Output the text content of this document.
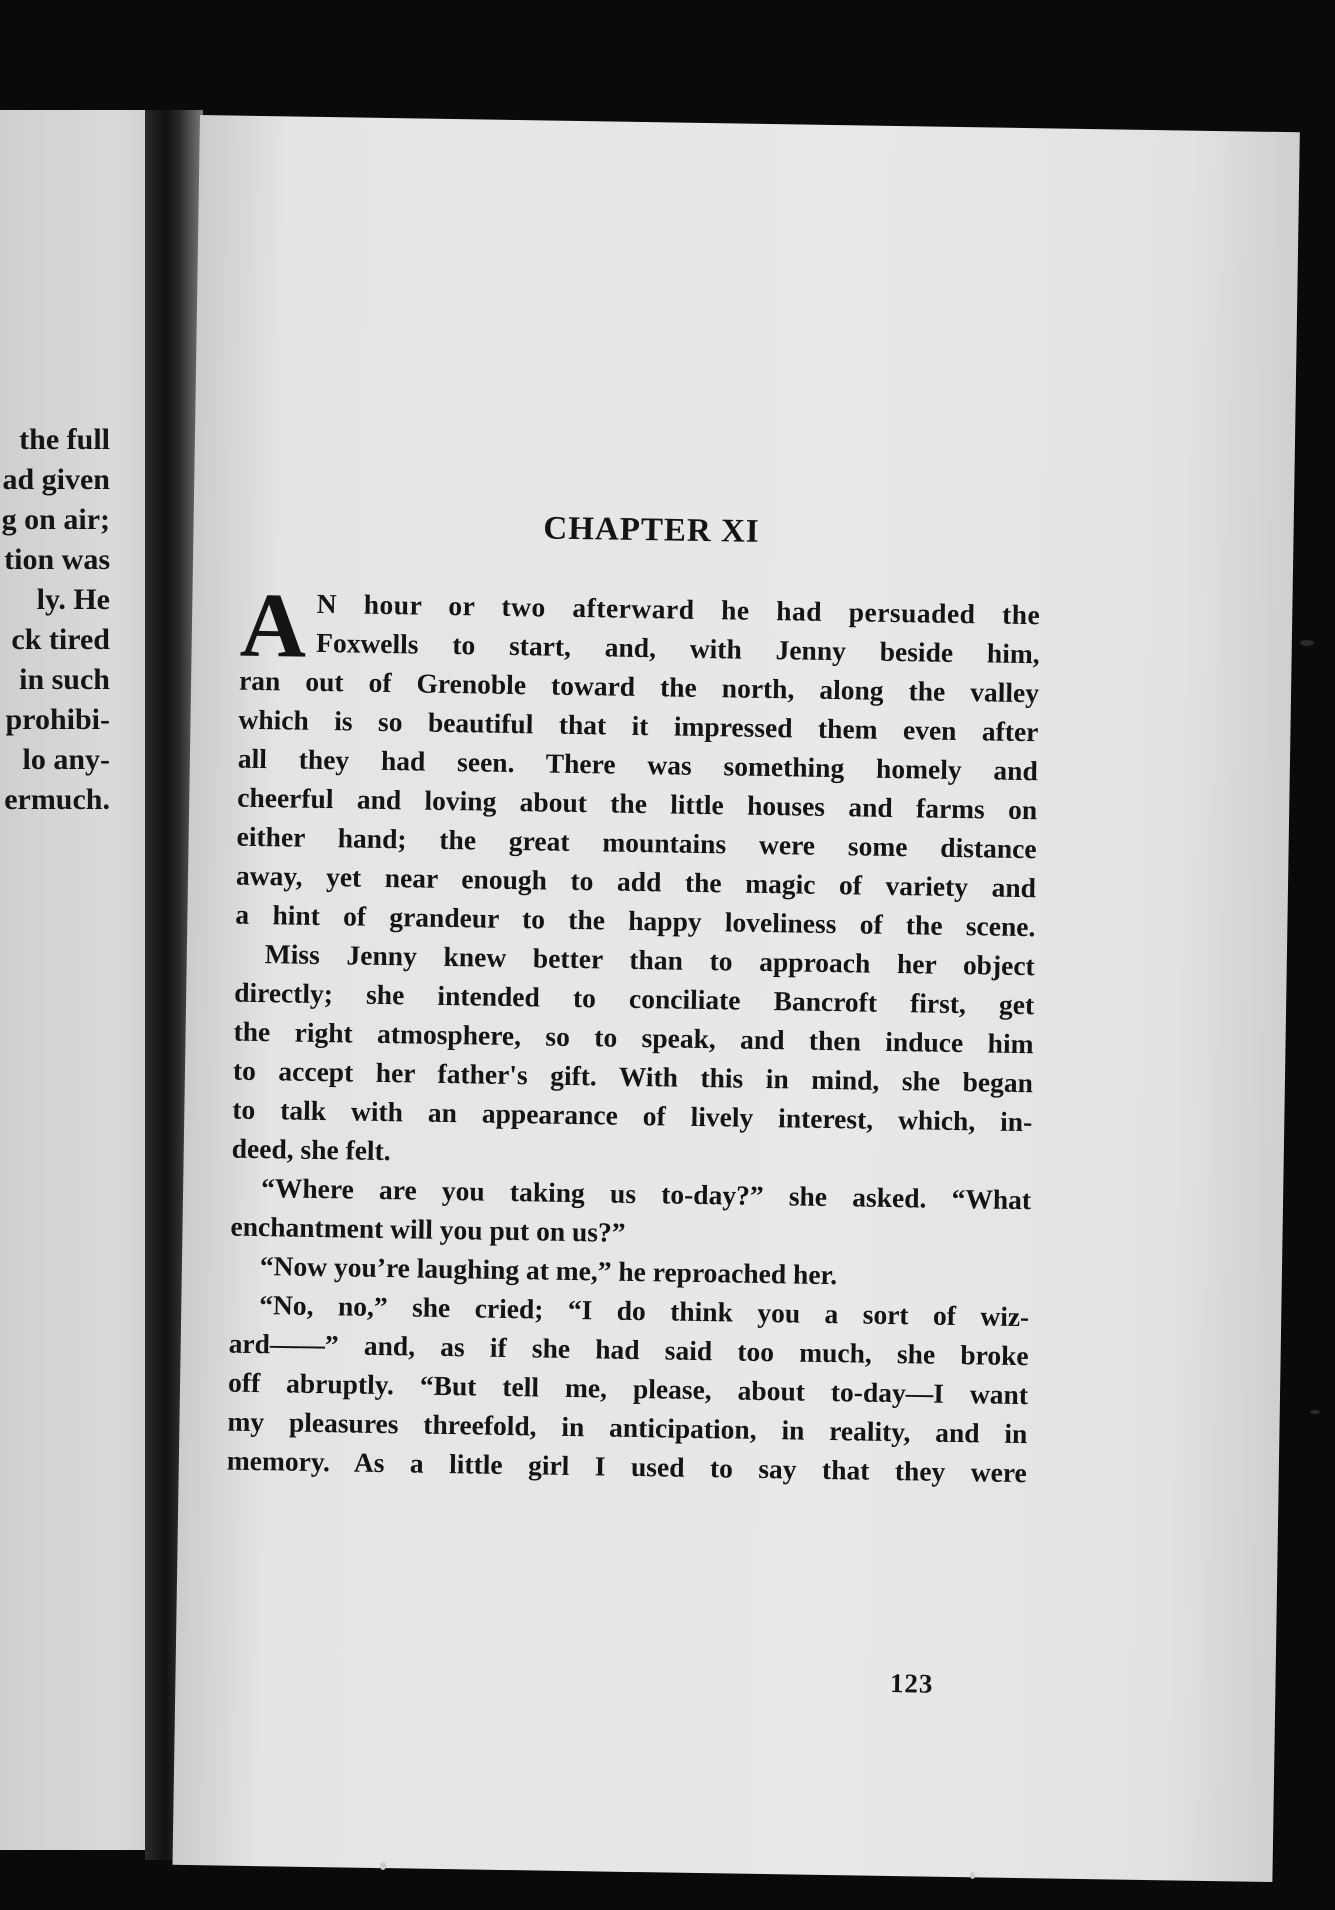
the full
ad given
g on air;
tion was
ly. He
ck tired
in such
prohibi-
lo any-
ermuch.
CHAPTER XI
A N hour or two afterward he had persuaded the
Foxwells to start, and, with Jenny beside him,
ran out of Grenoble toward the north, along the valley
which is so beautiful that it impressed them even after
all they had seen. There was something homely and
cheerful and loving about the little houses and farms on
either hand; the great mountains were some distance
away, yet near enough to add the magic of variety and
a hint of grandeur to the happy loveliness of the scene.
Miss Jenny knew better than to approach her object
directly; she intended to conciliate Bancroft first, get
the right atmosphere, so to speak, and then induce him
to accept her father's gift. With this in mind, she began
to talk with an appearance of lively interest, which, in-
deed, she felt.
“Where are you taking us to-day?” she asked. “What
enchantment will you put on us?”
“Now you’re laughing at me,” he reproached her.
“No, no,” she cried; “I do think you a sort of wiz-
ard——” and, as if she had said too much, she broke
off abruptly. “But tell me, please, about to-day—I want
my pleasures threefold, in anticipation, in reality, and in
memory. As a little girl I used to say that they were
123
